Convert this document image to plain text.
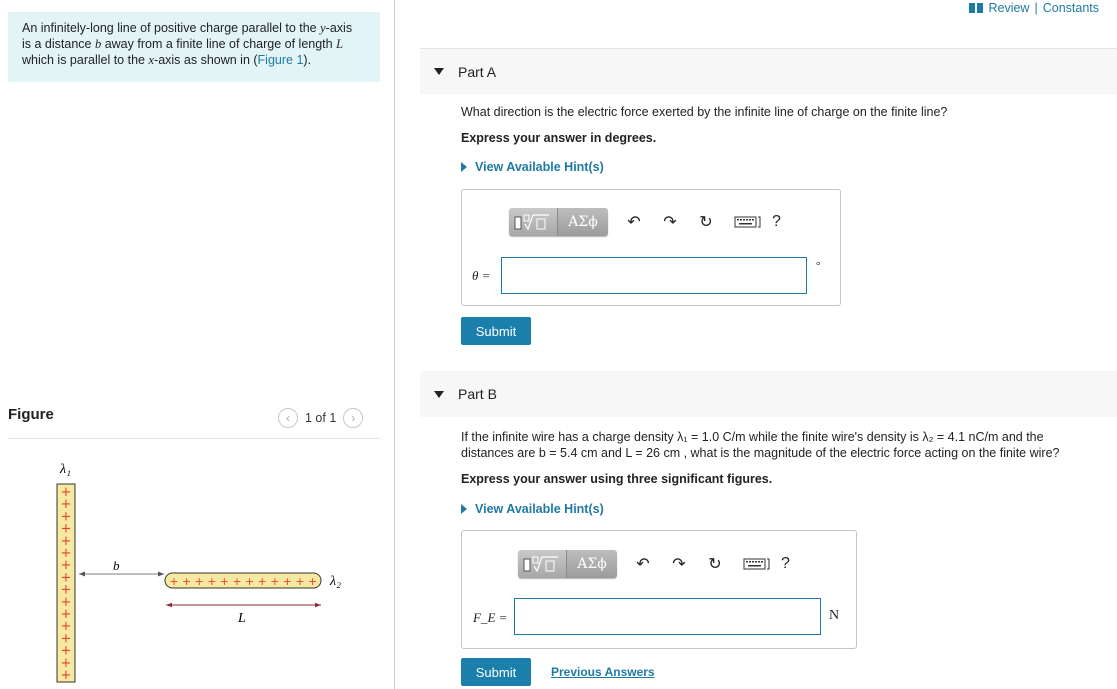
An infinitely-long line of positive charge parallel to the y-axis
is a distance b away from a finite line of charge of length L
which is parallel to the x-axis as shown in (Figure 1).
Figure	‹	1 of 1	›
λ₁
+
+
+
+
+
+
+
+
+
+
+
+
+
+
+
+
b
+ + + + + + + + + + + + λ₂
L
Review | Constants
Part A
What direction is the electric force exerted by the infinite line of charge on the finite line?
Express your answer in degrees.
View Available Hint(s)
ΑΣϕ	↶ ↷ ↻	?
θ =
°
Submit
Part B
If the infinite wire has a charge density λ₁ = 1.0 C/m while the finite wire's density is λ₂ = 4.1 nC/m and the
distances are b = 5.4 cm and L = 26 cm , what is the magnitude of the electric force acting on the finite wire?
Express your answer using three significant figures.
View Available Hint(s)
ΑΣϕ	↶ ↷ ↻	?
F_E =	N
Submit	Previous Answers
